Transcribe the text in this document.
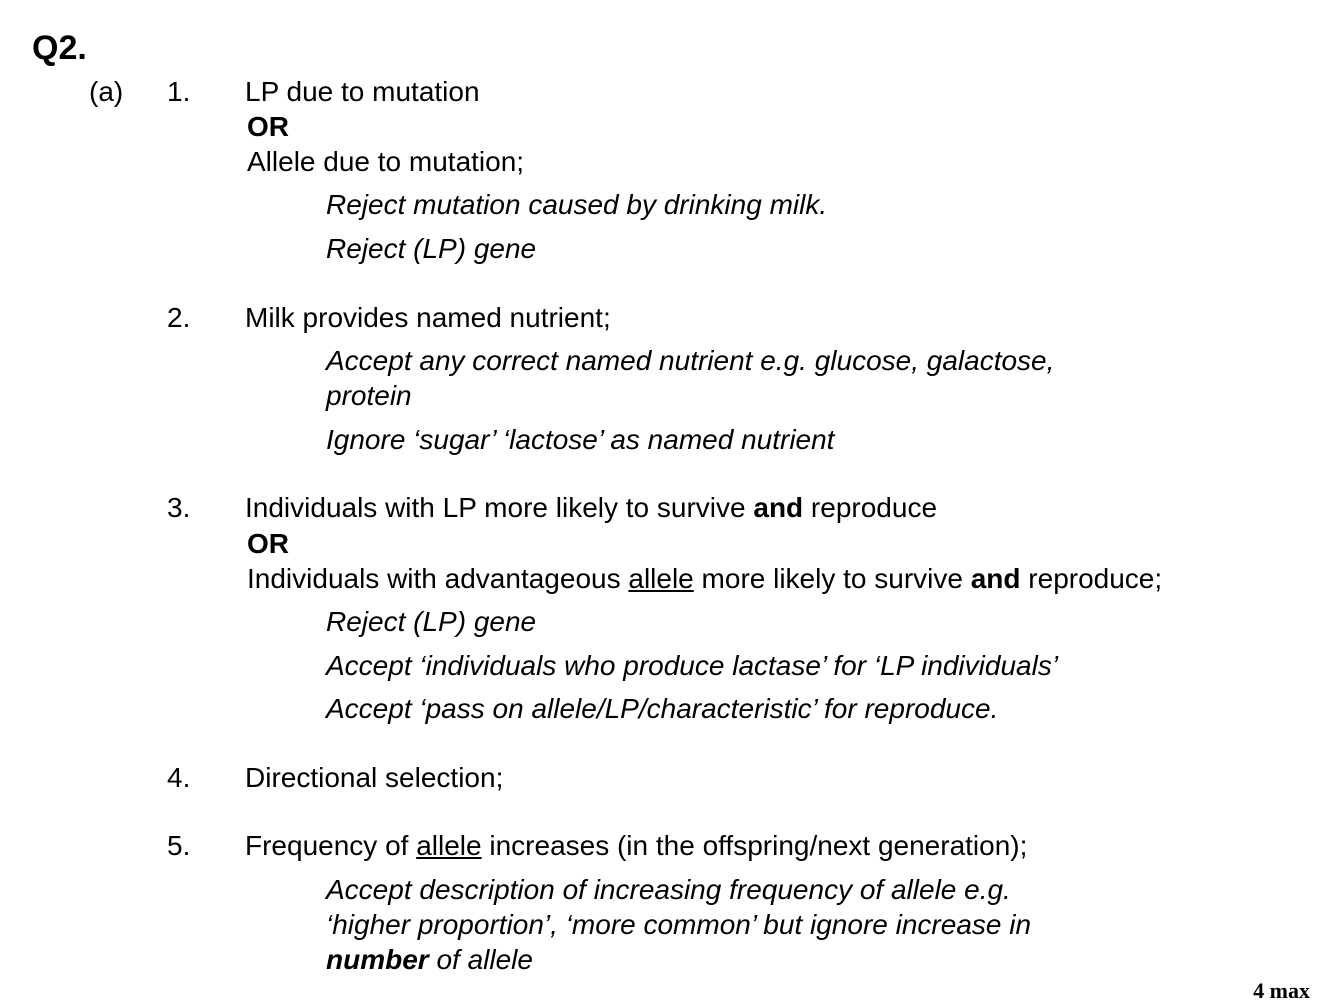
Q2.
(a) 1. LP due to mutation
OR
Allele due to mutation;
Reject mutation caused by drinking milk.
Reject (LP) gene
2. Milk provides named nutrient;
Accept any correct named nutrient e.g. glucose, galactose,
protein
Ignore ‘sugar’ ‘lactose’ as named nutrient
3. Individuals with LP more likely to survive and reproduce
OR
Individuals with advantageous allele more likely to survive and reproduce;
Reject (LP) gene
Accept ‘individuals who produce lactase’ for ‘LP individuals’
Accept ‘pass on allele/LP/characteristic’ for reproduce.
4. Directional selection;
5. Frequency of allele increases (in the offspring/next generation);
Accept description of increasing frequency of allele e.g.
‘higher proportion’, ‘more common’ but ignore increase in
number of allele
4 max
